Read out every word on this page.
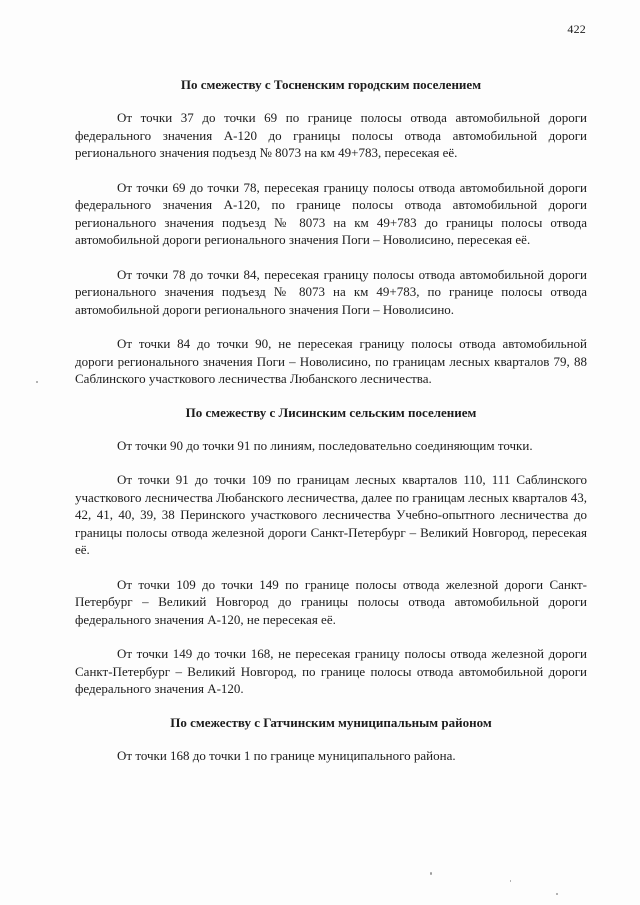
422

По смежеству с Тосненским городским поселением

От точки 37 до точки 69 по границе полосы отвода автомобильной дороги федерального значения А-120 до границы полосы отвода автомобильной дороги регионального значения подъезд № 8073 на км 49+783, пересекая её.

От точки 69 до точки 78, пересекая границу полосы отвода автомобильной дороги федерального значения А-120, по границе полосы отвода автомобильной дороги регионального значения подъезд № 8073 на км 49+783 до границы полосы отвода автомобильной дороги регионального значения Поги – Новолисино, пересекая её.

От точки 78 до точки 84, пересекая границу полосы отвода автомобильной дороги регионального значения подъезд № 8073 на км 49+783, по границе полосы отвода автомобильной дороги регионального значения Поги – Новолисино.

От точки 84 до точки 90, не пересекая границу полосы отвода автомобильной дороги регионального значения Поги – Новолисино, по границам лесных кварталов 79, 88 Саблинского участкового лесничества Любанского лесничества.

По смежеству с Лисинским сельским поселением

От точки 90 до точки 91 по линиям, последовательно соединяющим точки.

От точки 91 до точки 109 по границам лесных кварталов 110, 111 Саблинского участкового лесничества Любанского лесничества, далее по границам лесных кварталов 43, 42, 41, 40, 39, 38 Перинского участкового лесничества Учебно-опытного лесничества до границы полосы отвода железной дороги Санкт-Петербург – Великий Новгород, пересекая её.

От точки 109 до точки 149 по границе полосы отвода железной дороги Санкт-Петербург – Великий Новгород до границы полосы отвода автомобильной дороги федерального значения А-120, не пересекая её.

От точки 149 до точки 168, не пересекая границу полосы отвода железной дороги Санкт-Петербург – Великий Новгород, по границе полосы отвода автомобильной дороги федерального значения А-120.

По смежеству с Гатчинским муниципальным районом

От точки 168 до точки 1 по границе муниципального района.
